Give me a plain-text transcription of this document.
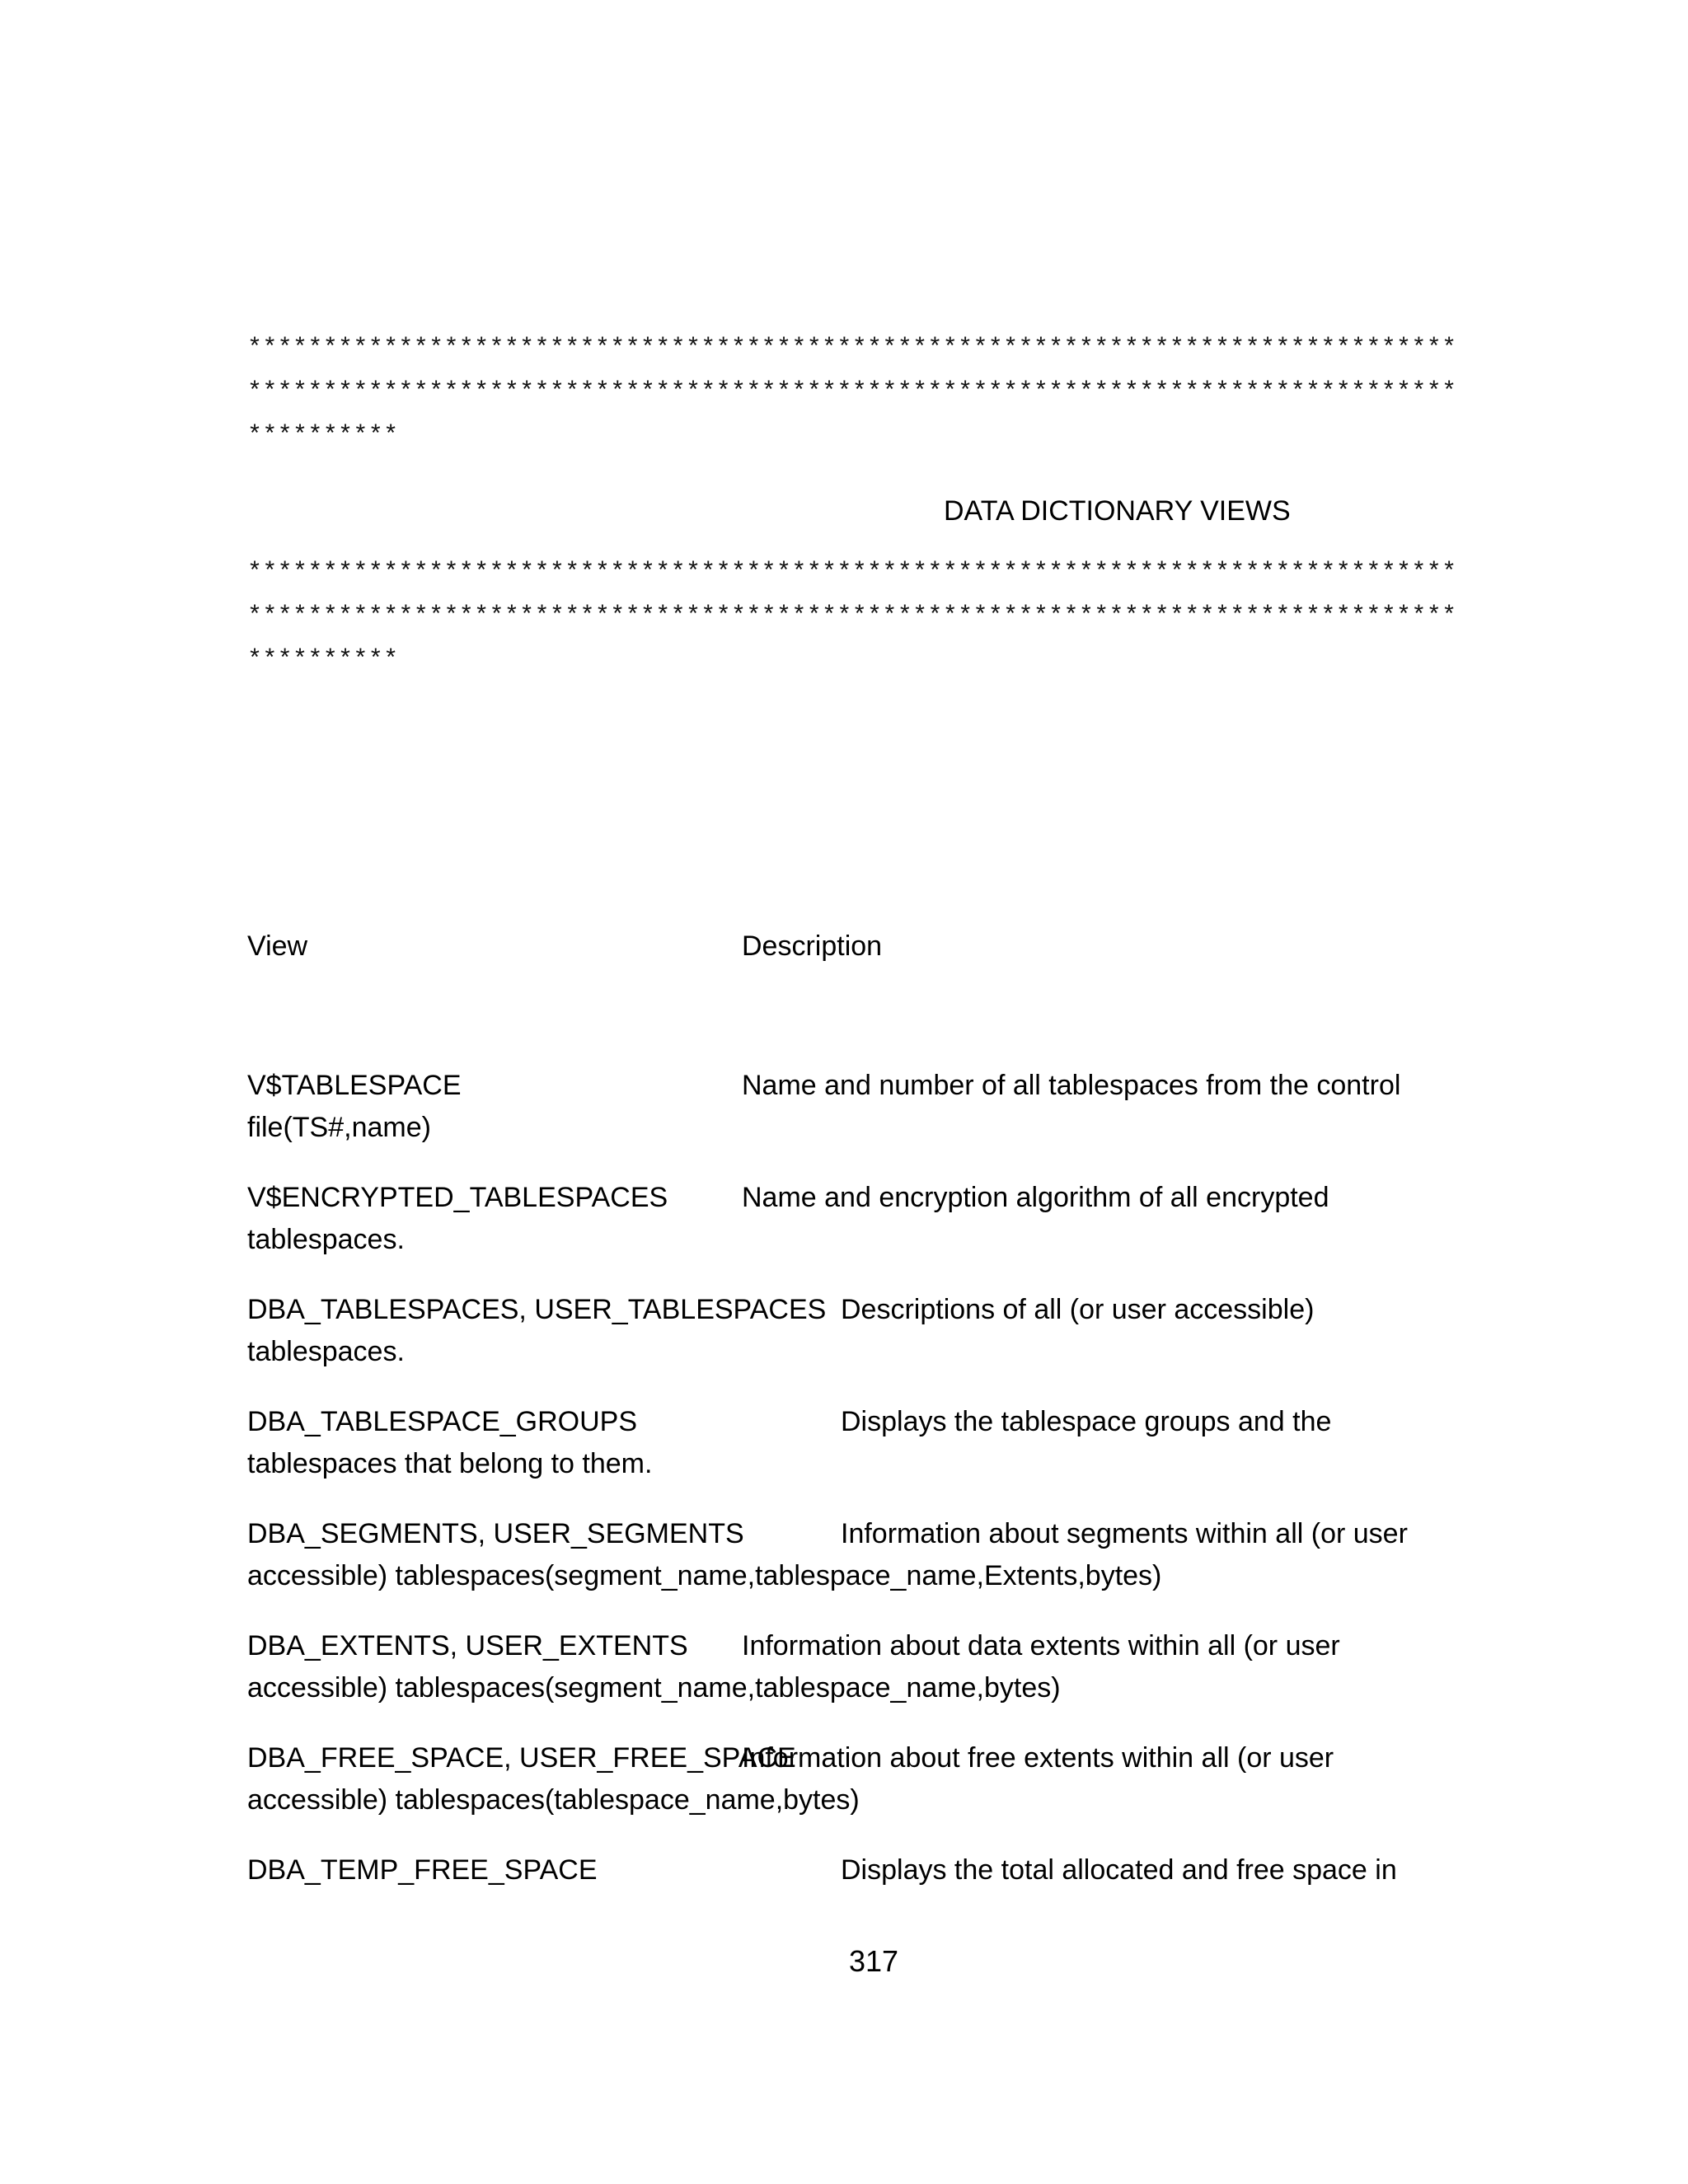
********************************************************************************
********************************************************************************
**********
DATA DICTIONARY VIEWS
********************************************************************************
********************************************************************************
**********
View	Description
V$TABLESPACE	Name and number of all tablespaces from the control
file(TS#,name)
V$ENCRYPTED_TABLESPACES	Name and encryption algorithm of all encrypted
tablespaces.
DBA_TABLESPACES, USER_TABLESPACES Descriptions of all (or user accessible)
tablespaces.
DBA_TABLESPACE_GROUPS	Displays the tablespace groups and the
tablespaces that belong to them.
DBA_SEGMENTS, USER_SEGMENTS	Information about segments within all (or user
accessible) tablespaces(segment_name,tablespace_name,Extents,bytes)
DBA_EXTENTS, USER_EXTENTS Information about data extents within all (or user
accessible) tablespaces(segment_name,tablespace_name,bytes)
DBA_FREE_SPACE, USER_FREE_SPACE
Information about free extents within all (or user
accessible) tablespaces(tablespace_name,bytes)
DBA_TEMP_FREE_SPACE	Displays the total allocated and free space in
317
